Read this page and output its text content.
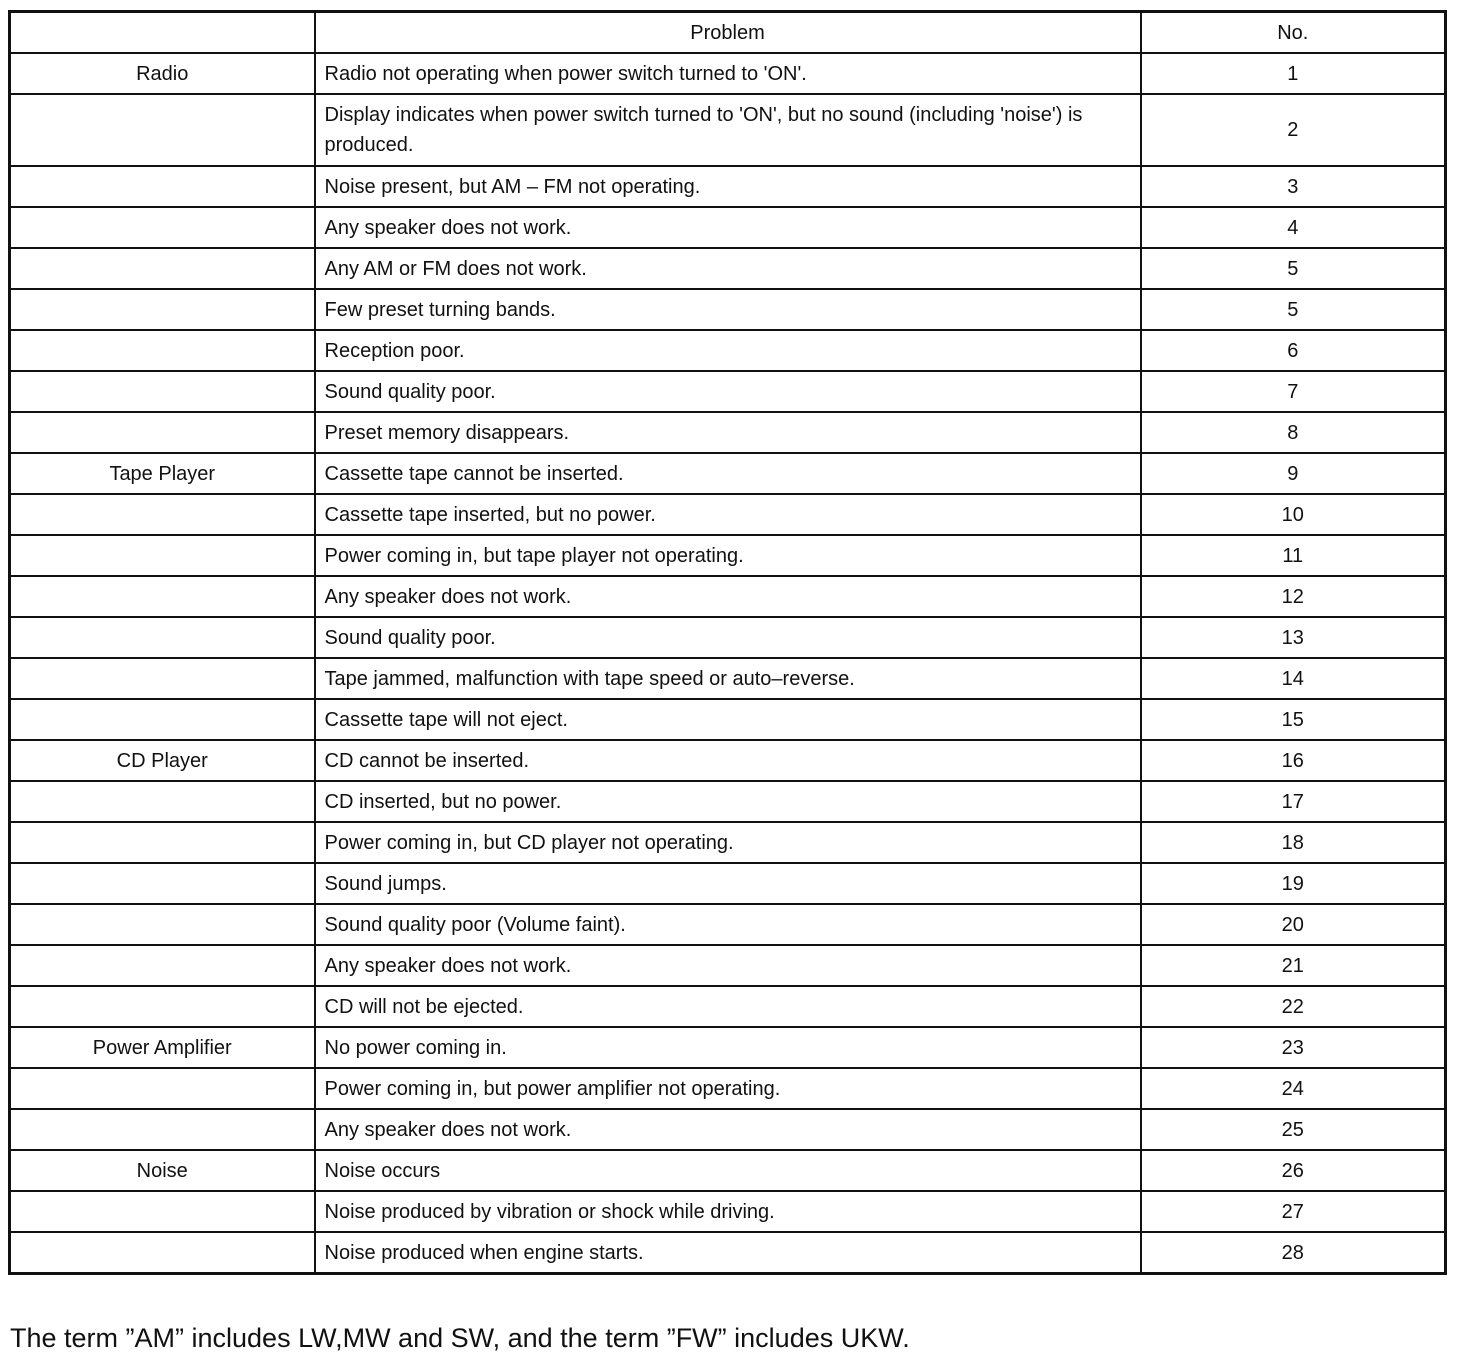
	Problem	No.
Radio	Radio not operating when power switch turned to 'ON'.	1
	Display indicates when power switch turned to 'ON', but no sound (including 'noise') is produced.	2
	Noise present, but AM – FM not operating.	3
	Any speaker does not work.	4
	Any AM or FM does not work.	5
	Few preset turning bands.	5
	Reception poor.	6
	Sound quality poor.	7
	Preset memory disappears.	8
Tape Player	Cassette tape cannot be inserted.	9
	Cassette tape inserted, but no power.	10
	Power coming in, but tape player not operating.	11
	Any speaker does not work.	12
	Sound quality poor.	13
	Tape jammed, malfunction with tape speed or auto–reverse.	14
	Cassette tape will not eject.	15
CD Player	CD cannot be inserted.	16
	CD inserted, but no power.	17
	Power coming in, but CD player not operating.	18
	Sound jumps.	19
	Sound quality poor (Volume faint).	20
	Any speaker does not work.	21
	CD will not be ejected.	22
Power Amplifier	No power coming in.	23
	Power coming in, but power amplifier not operating.	24
	Any speaker does not work.	25
Noise	Noise occurs	26
	Noise produced by vibration or shock while driving.	27
	Noise produced when engine starts.	28
The term ”AM” includes LW,MW and SW, and the term ”FW” includes UKW.
